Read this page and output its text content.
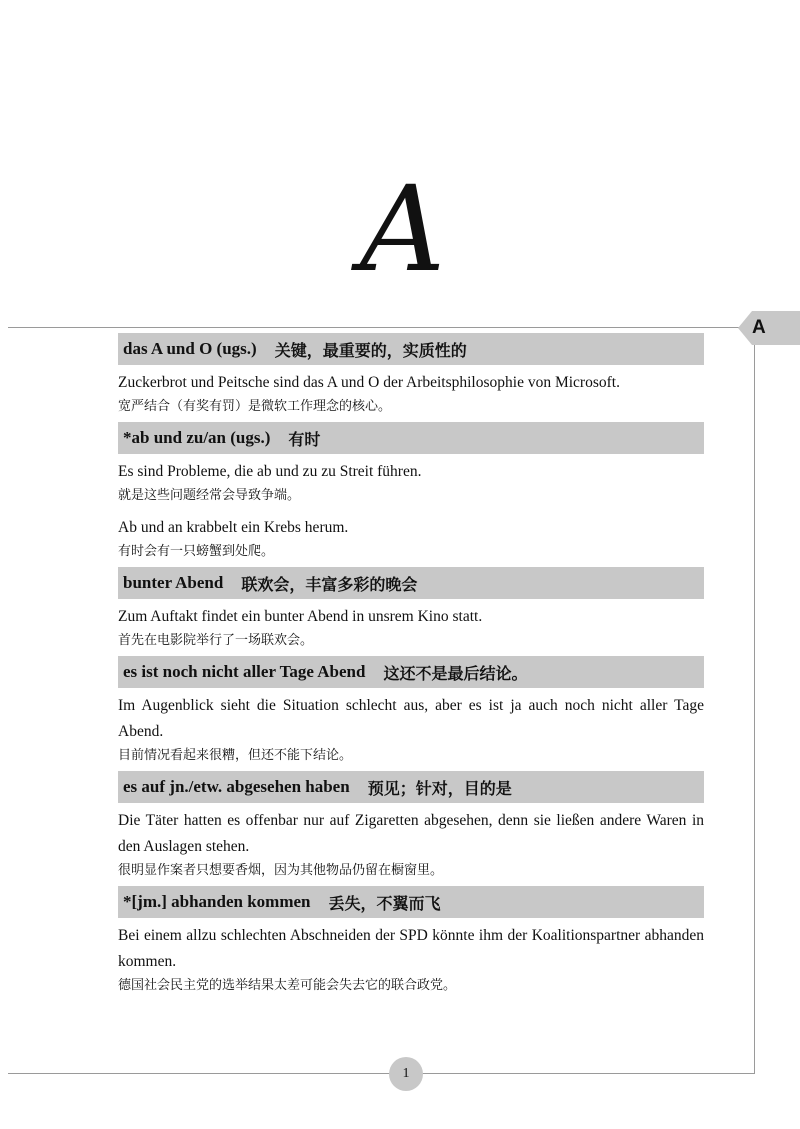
A
A
das A und O (ugs.) 关键，最重要的，实质性的
Zuckerbrot und Peitsche sind das A und O der Arbeitsphilosophie von Microsoft.
宽严结合（有奖有罚）是微软工作理念的核心。
*ab und zu/an (ugs.) 有时
Es sind Probleme, die ab und zu zu Streit führen.
就是这些问题经常会导致争端。
Ab und an krabbelt ein Krebs herum.
有时会有一只螃蟹到处爬。
bunter Abend 联欢会，丰富多彩的晚会
Zum Auftakt findet ein bunter Abend in unsrem Kino statt.
首先在电影院举行了一场联欢会。
es ist noch nicht aller Tage Abend 这还不是最后结论。
Im Augenblick sieht die Situation schlecht aus, aber es ist ja auch noch nicht aller Tage Abend.
目前情况看起来很糟，但还不能下结论。
es auf jn./etw. abgesehen haben 预见；针对，目的是
Die Täter hatten es offenbar nur auf Zigaretten abgesehen, denn sie ließen andere Waren in den Auslagen stehen.
很明显作案者只想要香烟，因为其他物品仍留在橱窗里。
*[jm.] abhanden kommen 丢失，不翼而飞
Bei einem allzu schlechten Abschneiden der SPD könnte ihm der Koalitionspartner abhanden kommen.
德国社会民主党的选举结果太差可能会失去它的联合政党。
1
